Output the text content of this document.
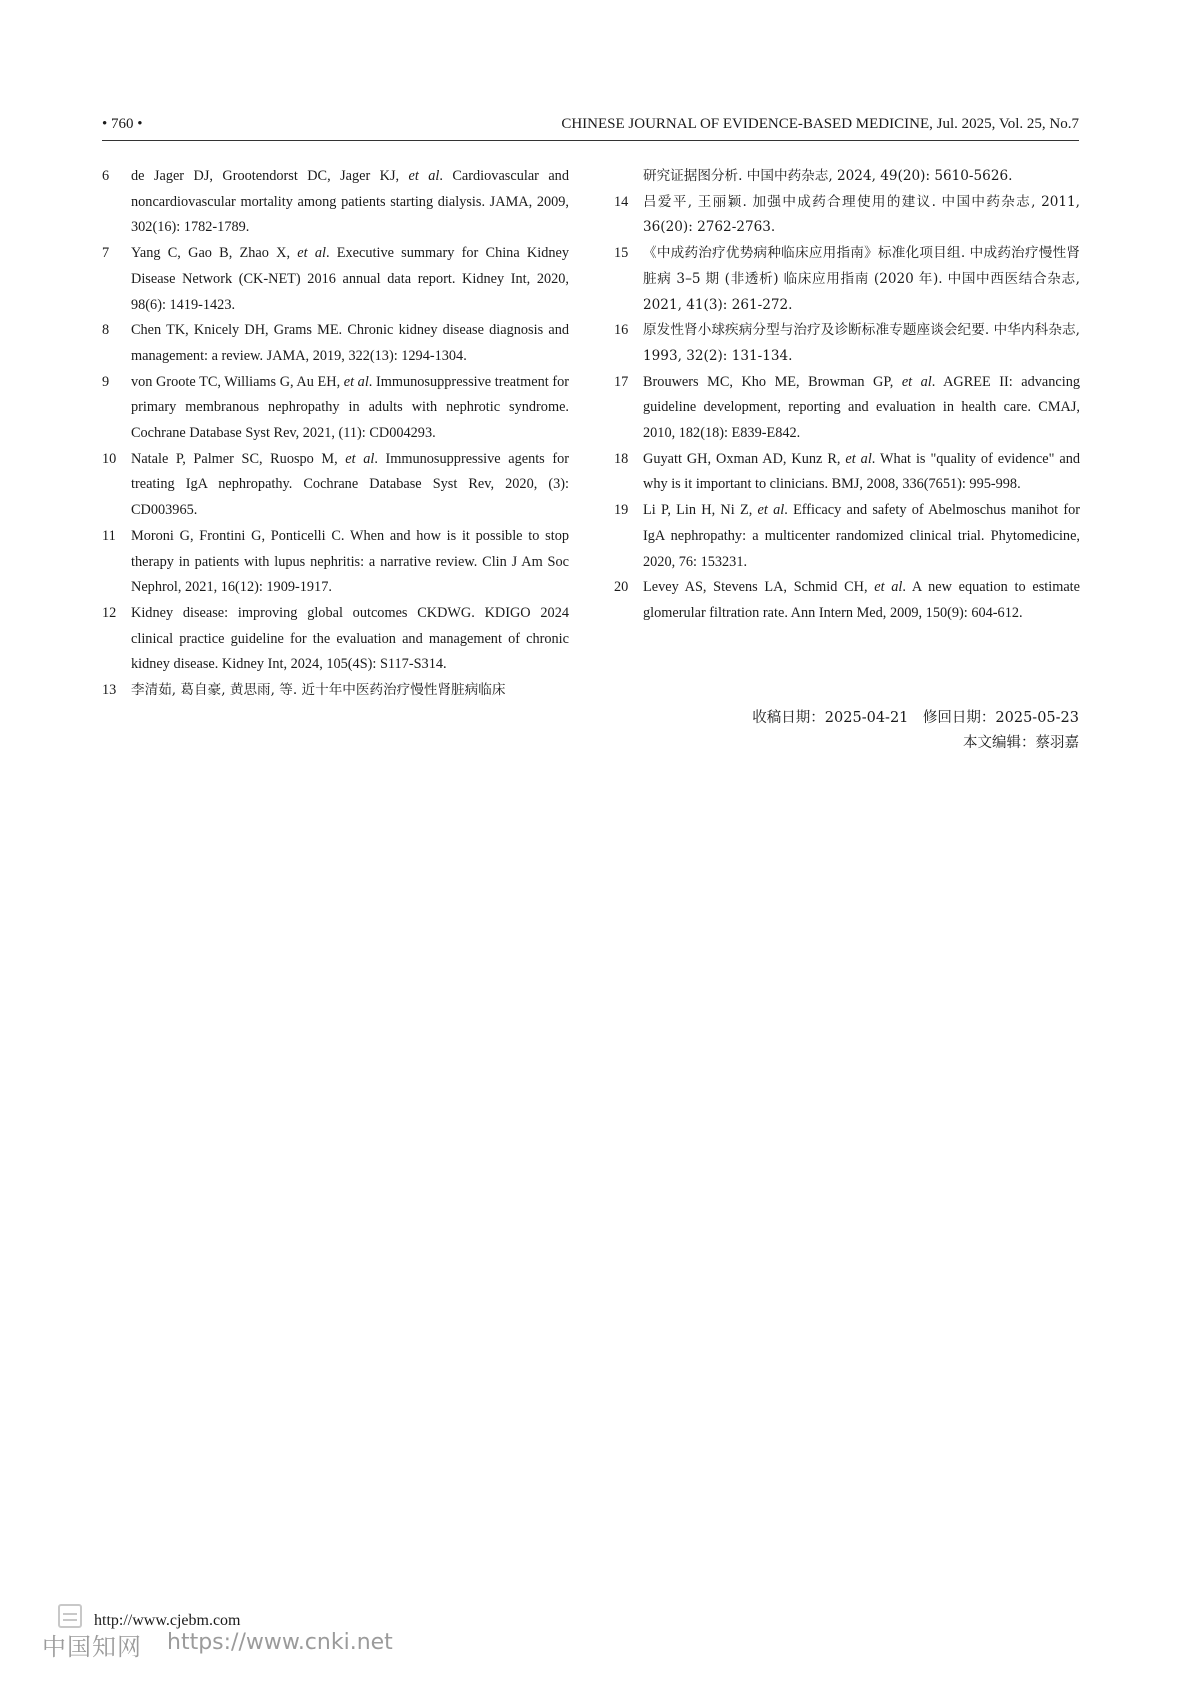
• 760 •	CHINESE JOURNAL OF EVIDENCE-BASED MEDICINE, Jul. 2025, Vol. 25, No.7
6	de Jager DJ, Grootendorst DC, Jager KJ, et al. Cardiovascular and noncardiovascular mortality among patients starting dialysis. JAMA, 2009, 302(16): 1782-1789.
7	Yang C, Gao B, Zhao X, et al. Executive summary for China Kidney Disease Network (CK-NET) 2016 annual data report. Kidney Int, 2020, 98(6): 1419-1423.
8	Chen TK, Knicely DH, Grams ME. Chronic kidney disease diagnosis and management: a review. JAMA, 2019, 322(13): 1294-1304.
9	von Groote TC, Williams G, Au EH, et al. Immunosuppressive treatment for primary membranous nephropathy in adults with nephrotic syndrome. Cochrane Database Syst Rev, 2021, (11): CD004293.
10	Natale P, Palmer SC, Ruospo M, et al. Immunosuppressive agents for treating IgA nephropathy. Cochrane Database Syst Rev, 2020, (3): CD003965.
11	Moroni G, Frontini G, Ponticelli C. When and how is it possible to stop therapy in patients with lupus nephritis: a narrative review. Clin J Am Soc Nephrol, 2021, 16(12): 1909-1917.
12	Kidney disease: improving global outcomes CKDWG. KDIGO 2024 clinical practice guideline for the evaluation and management of chronic kidney disease. Kidney Int, 2024, 105(4S): S117-S314.
13	李清茹, 葛自豪, 黄思雨, 等. 近十年中医药治疗慢性肾脏病临床
研究证据图分析. 中国中药杂志, 2024, 49(20): 5610-5626.
14	吕爱平, 王丽颖. 加强中成药合理使用的建议. 中国中药杂志, 2011, 36(20): 2762-2763.
15	《中成药治疗优势病种临床应用指南》标准化项目组. 中成药治疗慢性肾脏病 3–5 期 (非透析) 临床应用指南 (2020 年). 中国中西医结合杂志, 2021, 41(3): 261-272.
16	原发性肾小球疾病分型与治疗及诊断标准专题座谈会纪要. 中华内科杂志, 1993, 32(2): 131-134.
17	Brouwers MC, Kho ME, Browman GP, et al. AGREE II: advancing guideline development, reporting and evaluation in health care. CMAJ, 2010, 182(18): E839-E842.
18	Guyatt GH, Oxman AD, Kunz R, et al. What is "quality of evidence" and why is it important to clinicians. BMJ, 2008, 336(7651): 995-998.
19	Li P, Lin H, Ni Z, et al. Efficacy and safety of Abelmoschus manihot for IgA nephropathy: a multicenter randomized clinical trial. Phytomedicine, 2020, 76: 153231.
20	Levey AS, Stevens LA, Schmid CH, et al. A new equation to estimate glomerular filtration rate. Ann Intern Med, 2009, 150(9): 604-612.
收稿日期：2025-04-21　修回日期：2025-05-23
本文编辑：蔡羽嘉
http://www.cjebm.com
中国知网 https://www.cnki.net
